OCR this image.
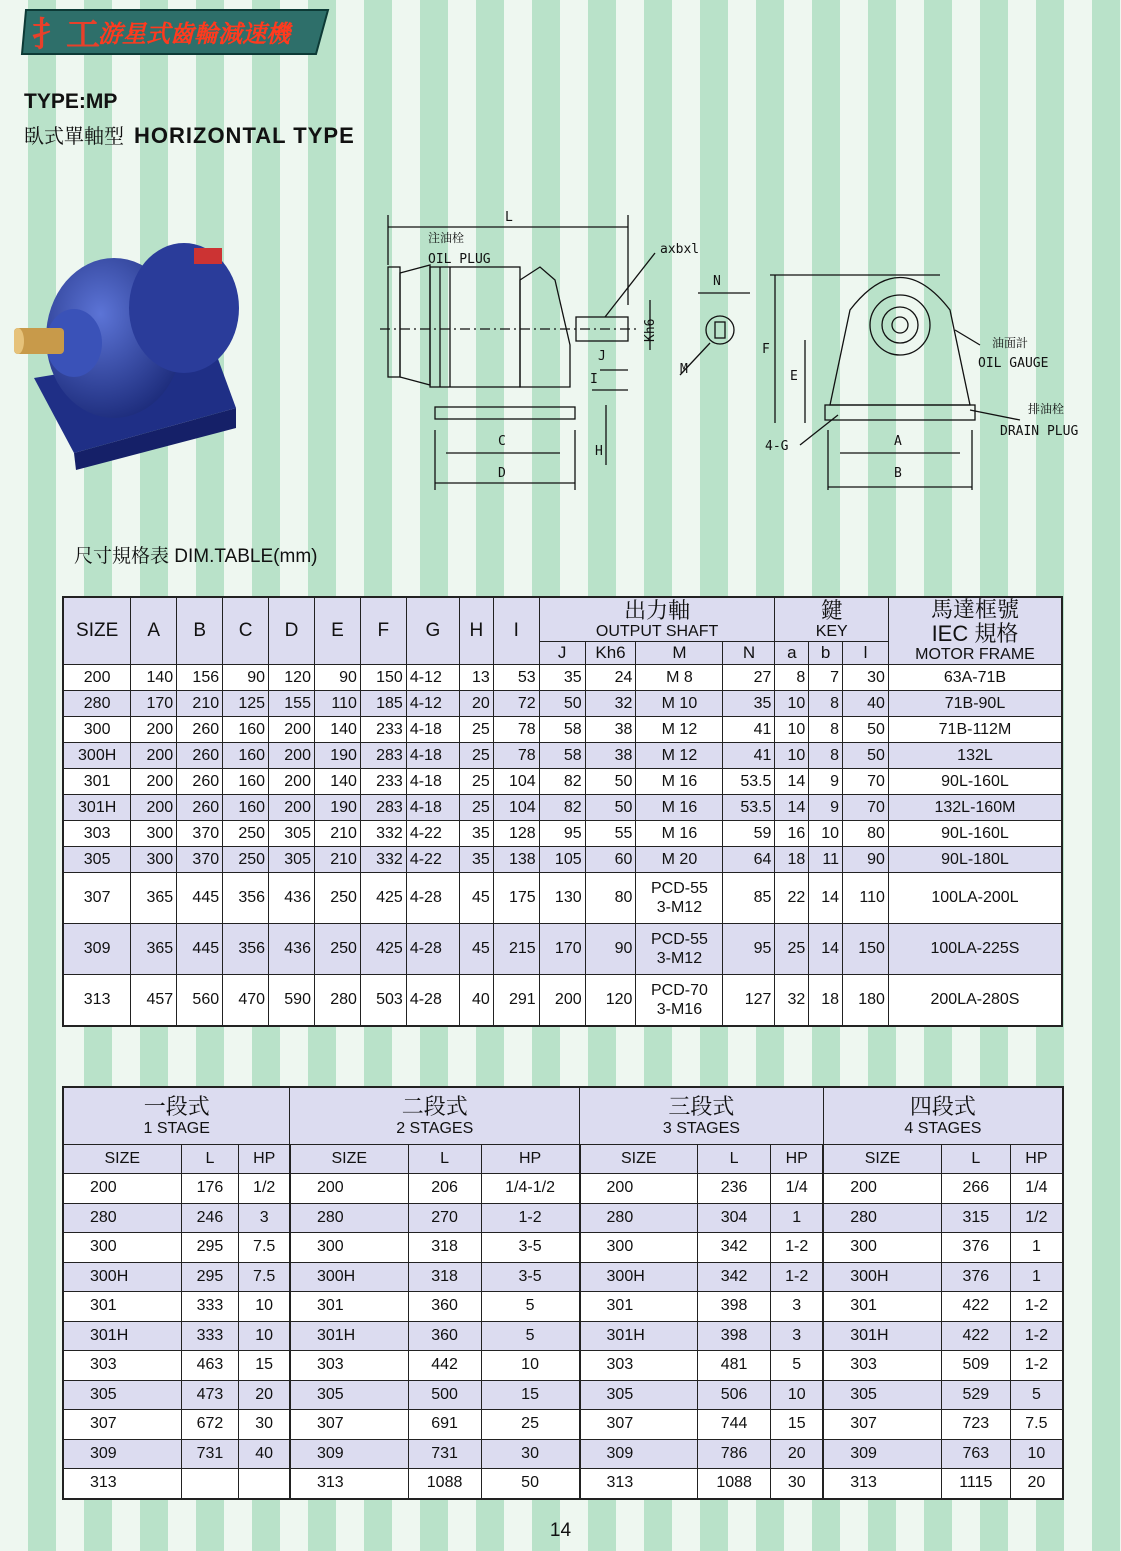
扌工
游星式齒輪減速機
TYPE:MP
臥式單軸型 HORIZONTAL TYPE
L
注油栓
OIL PLUG
axbxl
N
Kh6
M
J
I
H
C
D
F
E
4-G	A
B
油面計
OIL GAUGE
排油栓
DRAIN PLUG
尺寸規格表 DIM.TABLE(mm)
SIZE	A	B	C	D	E	F	G	H	I	出力軸
OUTPUT SHAFT				鍵
KEY			馬達框號
IEC 規格
MOTOR FRAME

										J	Kh6	M	N	a	b	l	
200	140	156	90	120	90	150	4-12	13	53	35	24	M 8	27	8	7	30	63A-71B
280	170	210	125	155	110	185	4-12	20	72	50	32	M 10	35	10	8	40	71B-90L
300	200	260	160	200	140	233	4-18	25	78	58	38	M 12	41	10	8	50	71B-112M
300H	200	260	160	200	190	283	4-18	25	78	58	38	M 12	41	10	8	50	132L
301	200	260	160	200	140	233	4-18	25	104	82	50	M 16	53.5	14	9	70	90L-160L
301H	200	260	160	200	190	283	4-18	25	104	82	50	M 16	53.5	14	9	70	132L-160M
303	300	370	250	305	210	332	4-22	35	128	95	55	M 16	59	16	10	80	90L-160L
305	300	370	250	305	210	332	4-22	35	138	105	60	M 20	64	18	11	90	90L-180L
307	365	445	356	436	250	425	4-28	45	175	130	80	PCD-55
3-M12	85	22	14	110	100LA-200L
309	365	445	356	436	250	425	4-28	45	215	170	90	PCD-55
3-M12	95	25	14	150	100LA-225S
313	457	560	470	590	280	503	4-28	40	291	200	120	PCD-70
3-M16	127	32	18	180	200LA-280S
一段式
1 STAGE			二段式
2 STAGES			三段式
3 STAGES			四段式
4 STAGES		

SIZE	L	HP	SIZE	L	HP	SIZE	L	HP	SIZE	L	HP
200	176	1/2	200	206	1/4-1/2	200	236	1/4	200	266	1/4
280	246	3	280	270	1-2	280	304	1	280	315	1/2
300	295	7.5	300	318	3-5	300	342	1-2	300	376	1
300H	295	7.5	300H	318	3-5	300H	342	1-2	300H	376	1
301	333	10	301	360	5	301	398	3	301	422	1-2
301H	333	10	301H	360	5	301H	398	3	301H	422	1-2
303	463	15	303	442	10	303	481	5	303	509	1-2
305	473	20	305	500	15	305	506	10	305	529	5
307	672	30	307	691	25	307	744	15	307	723	7.5
309	731	40	309	731	30	309	786	20	309	763	10
313			313	1088	50	313	1088	30	313	1115	20
14
